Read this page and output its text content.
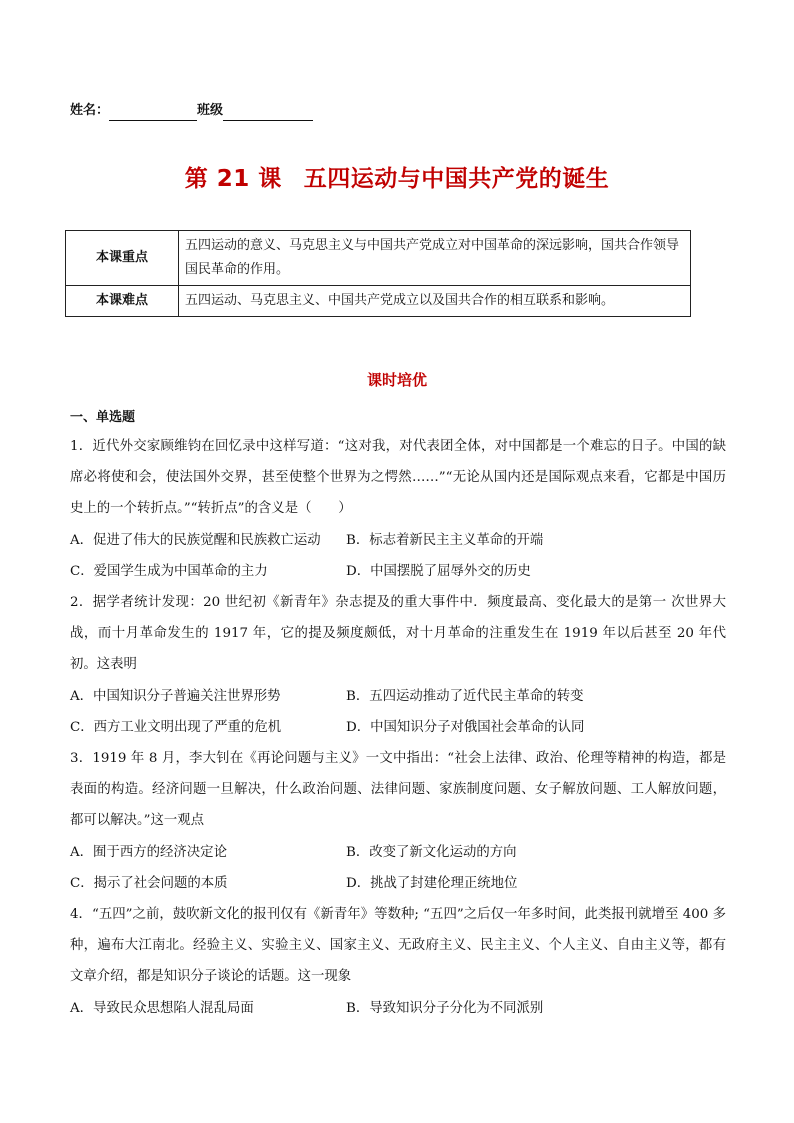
姓名：	班级
第 21 课 五四运动与中国共产党的诞生
本课重点	五四运动的意义、马克思主义与中国共产党成立对中国革命的深远影响，国共合作领导国民革命的作用。
本课难点	五四运动、马克思主义、中国共产党成立以及国共合作的相互联系和影响。
课时培优
一、单选题
1．近代外交家顾维钧在回忆录中这样写道：“这对我，对代表团全体，对中国都是一个难忘的日子。中国的缺席必将使和会，使法国外交界，甚至使整个世界为之愕然……”“无论从国内还是国际观点来看，它都是中国历史上的一个转折点。”“转折点”的含义是（　　）
A．促进了伟大的民族觉醒和民族救亡运动	B．标志着新民主主义革命的开端
C．爱国学生成为中国革命的主力	D．中国摆脱了屈辱外交的历史
2．据学者统计发现：20 世纪初《新青年》杂志提及的重大事件中．频度最高、变化最大的是第一 次世界大战，而十月革命发生的 1917 年，它的提及频度颇低，对十月革命的注重发生在 1919 年以后甚至 20 年代初。这表明
A．中国知识分子普遍关注世界形势	B．五四运动推动了近代民主革命的转变
C．西方工业文明出现了严重的危机	D．中国知识分子对俄国社会革命的认同
3．1919 年 8 月，李大钊在《再论问题与主义》一文中指出：“社会上法律、政治、伦理等精神的构造，都是表面的构造。经济问题一旦解决，什么政治问题、法律问题、家族制度问题、女子解放问题、工人解放问题，都可以解决。”这一观点
A．囿于西方的经济决定论	B．改变了新文化运动的方向
C．揭示了社会问题的本质	D．挑战了封建伦理正统地位
4．“五四”之前，鼓吹新文化的报刊仅有《新青年》等数种; “五四”之后仅一年多时间，此类报刊就增至 400 多种，遍布大江南北。经验主义、实验主义、国家主义、无政府主义、民主主义、个人主义、自由主义等，都有文章介绍，都是知识分子谈论的话题。这一现象
A．导致民众思想陷人混乱局面	B．导致知识分子分化为不同派别
